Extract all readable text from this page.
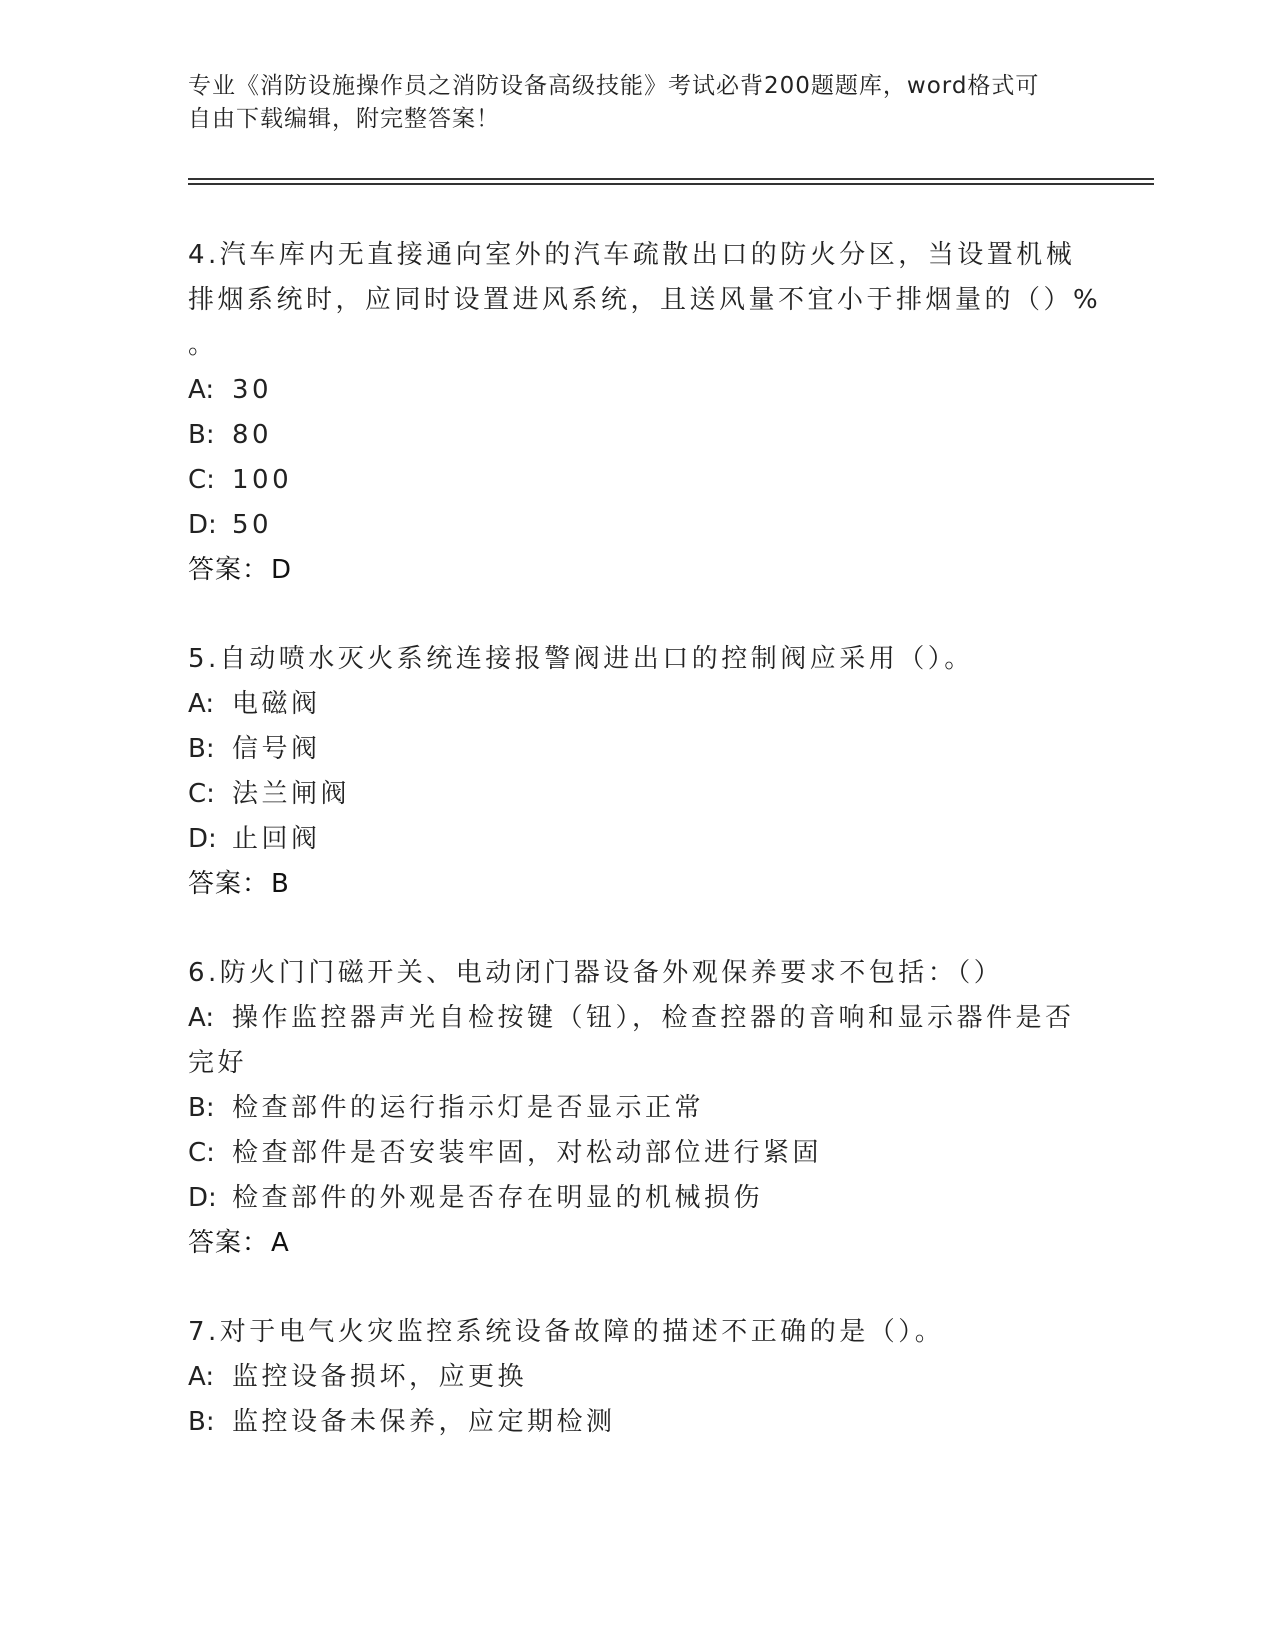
专业《消防设施操作员之消防设备高级技能》考试必背200题题库，word格式可
自由下载编辑，附完整答案！
4.汽车库内无直接通向室外的汽车疏散出口的防火分区，当设置机械
排烟系统时，应同时设置进风系统，且送风量不宜小于排烟量的（）%
。
A: 30
B: 80
C: 100
D: 50
答案：D
5.自动喷水灭火系统连接报警阀进出口的控制阀应采用（）。
A: 电磁阀
B: 信号阀
C: 法兰闸阀
D: 止回阀
答案：B
6.防火门门磁开关、电动闭门器设备外观保养要求不包括：（）
A: 操作监控器声光自检按键（钮），检查控器的音响和显示器件是否
完好
B: 检查部件的运行指示灯是否显示正常
C: 检查部件是否安装牢固，对松动部位进行紧固
D: 检查部件的外观是否存在明显的机械损伤
答案：A
7.对于电气火灾监控系统设备故障的描述不正确的是（）。
A: 监控设备损坏，应更换
B: 监控设备未保养，应定期检测
